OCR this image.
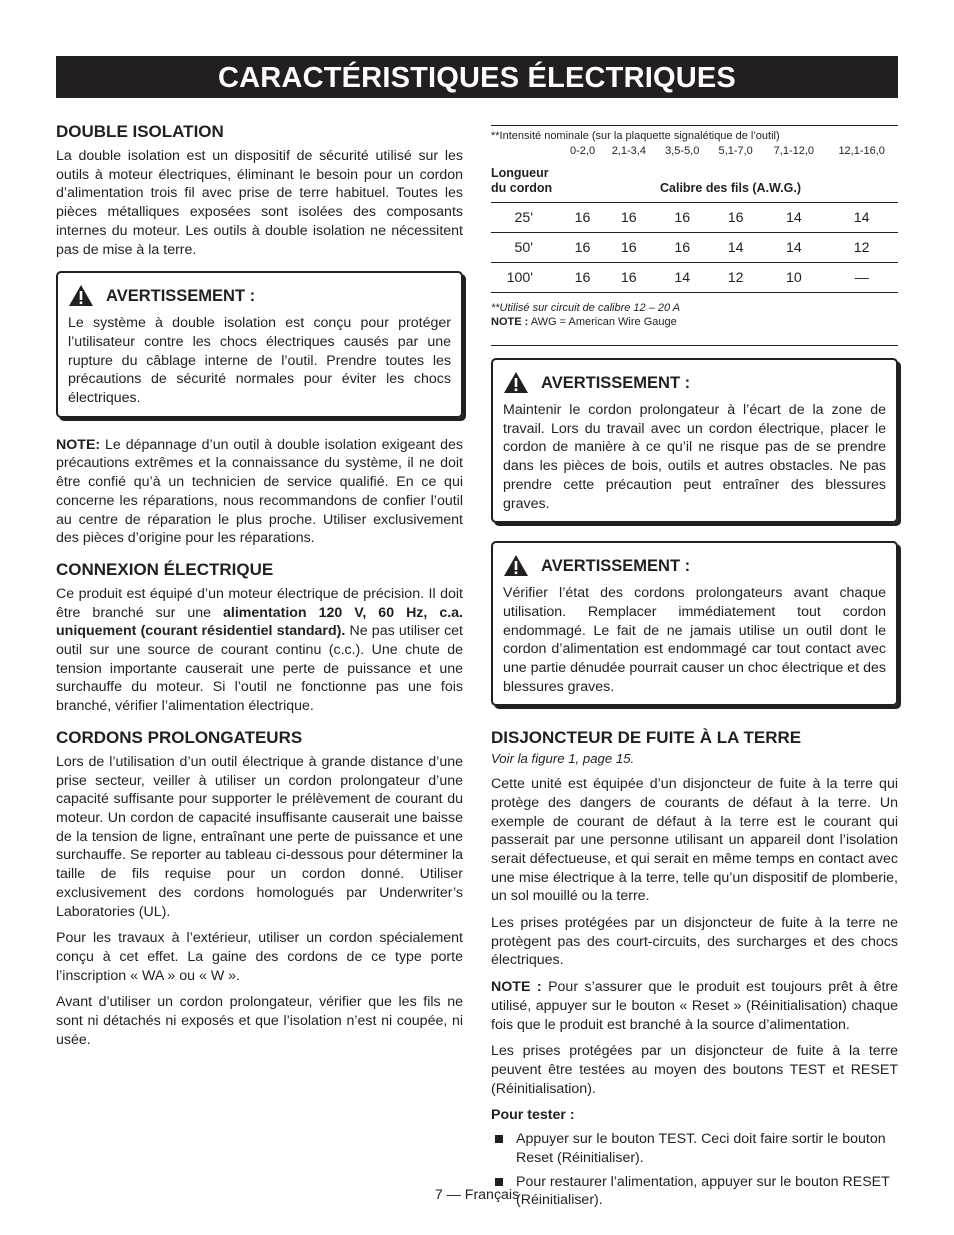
CARACTÉRISTIQUES ÉLECTRIQUES
DOUBLE ISOLATION

La double isolation est un dispositif de sécurité utilisé sur les outils à moteur électriques, éliminant le besoin pour un cordon d’alimentation trois fil avec prise de terre habituel. Toutes les pièces métalliques exposées sont isolées des composants internes du moteur. Les outils à double isolation ne nécessitent pas de mise à la terre.

AVERTISSEMENT :

Le système à double isolation est conçu pour protéger l’utilisateur contre les chocs électriques causés par une rupture du câblage interne de l’outil. Prendre toutes les précautions de sécurité normales pour éviter les chocs électriques.

NOTE: Le dépannage d’un outil à double isolation exigeant des précautions extrêmes et la connaissance du système, il ne doit être confié qu’à un technicien de service qualifié. En ce qui concerne les réparations, nous recommandons de confier l’outil au centre de réparation le plus proche. Utiliser exclusivement des pièces d’origine pour les réparations.

CONNEXION ÉLECTRIQUE

Ce produit est équipé d’un moteur électrique de précision. Il doit être branché sur une alimentation 120 V, 60 Hz, c.a. uniquement (courant résidentiel standard). Ne pas utiliser cet outil sur une source de courant continu (c.c.). Une chute de tension importante causerait une perte de puissance et une surchauffe du moteur. Si l’outil ne fonctionne pas une fois branché, vérifier l’alimentation électrique.

CORDONS PROLONGATEURS

Lors de l’utilisation d’un outil électrique à grande distance d’une prise secteur, veiller à utiliser un cordon prolongateur d’une capacité suffisante pour supporter le prélèvement de courant du moteur. Un cordon de capacité insuffisante causerait une baisse de la tension de ligne, entraînant une perte de puissance et une surchauffe. Se reporter au tableau ci-dessous pour déterminer la taille de fils requise pour un cordon donné. Utiliser exclusivement des cordons homologués par Underwriter’s Laboratories (UL).

Pour les travaux à l’extérieur, utiliser un cordon spécialement conçu à cet effet. La gaine des cordons de ce type porte l’inscription « WA » ou « W ».

Avant d’utiliser un cordon prolongateur, vérifier que les fils ne sont ni détachés ni exposés et que l’isolation n’est ni coupée, ni usée.

**Intensité nominale (sur la plaquette signalétique de l’outil)						
	0-2,0	2,1-3,4	3,5-5,0	5,1-7,0	7,1-12,0	12,1-16,0
Longueur
du cordon	Calibre des fils (A.W.G.)					
25'	16	16	16	16	14	14
50'	16	16	16	14	14	12
100'	16	16	14	12	10	—
**Utilisé sur circuit de calibre 12 – 20 A
NOTE : AWG = American Wire Gauge
AVERTISSEMENT :

Maintenir le cordon prolongateur à l’écart de la zone de travail. Lors du travail avec un cordon électrique, placer le cordon de manière à ce qu’il ne risque pas de se prendre dans les pièces de bois, outils et autres obstacles. Ne pas prendre cette précaution peut entraîner des blessures graves.

AVERTISSEMENT :

Vérifier l’état des cordons prolongateurs avant chaque utilisation. Remplacer immédiatement tout cordon endommagé. Le fait de ne jamais utilise un outil dont le cordon d’alimentation est endommagé car tout contact avec une partie dénudée pourrait causer un choc électrique et des blessures graves.

DISJONCTEUR DE FUITE À LA TERRE

Voir la figure 1, page 15.

Cette unité est équipée d’un disjoncteur de fuite à la terre qui protège des dangers de courants de défaut à la terre. Un exemple de courant de défaut à la terre est le courant qui passerait par une personne utilisant un appareil dont l’isolation serait défectueuse, et qui serait en même temps en contact avec une mise électrique à la terre, telle qu’un dispositif de plomberie, un sol mouillé ou la terre.

Les prises protégées par un disjoncteur de fuite à la terre ne protègent pas des court-circuits, des surcharges et des chocs électriques.

NOTE : Pour s’assurer que le produit est toujours prêt à être utilisé, appuyer sur le bouton « Reset » (Réinitialisation) chaque fois que le produit est branché à la source d’alimentation.

Les prises protégées par un disjoncteur de fuite à la terre peuvent être testées au moyen des boutons TEST et RESET (Réinitialisation).

Pour tester :

Appuyer sur le bouton TEST. Ceci doit faire sortir le bouton Reset (Réinitialiser).
Pour restaurer l’alimentation, appuyer sur le bouton RESET (Réinitialiser).
7 — Français
